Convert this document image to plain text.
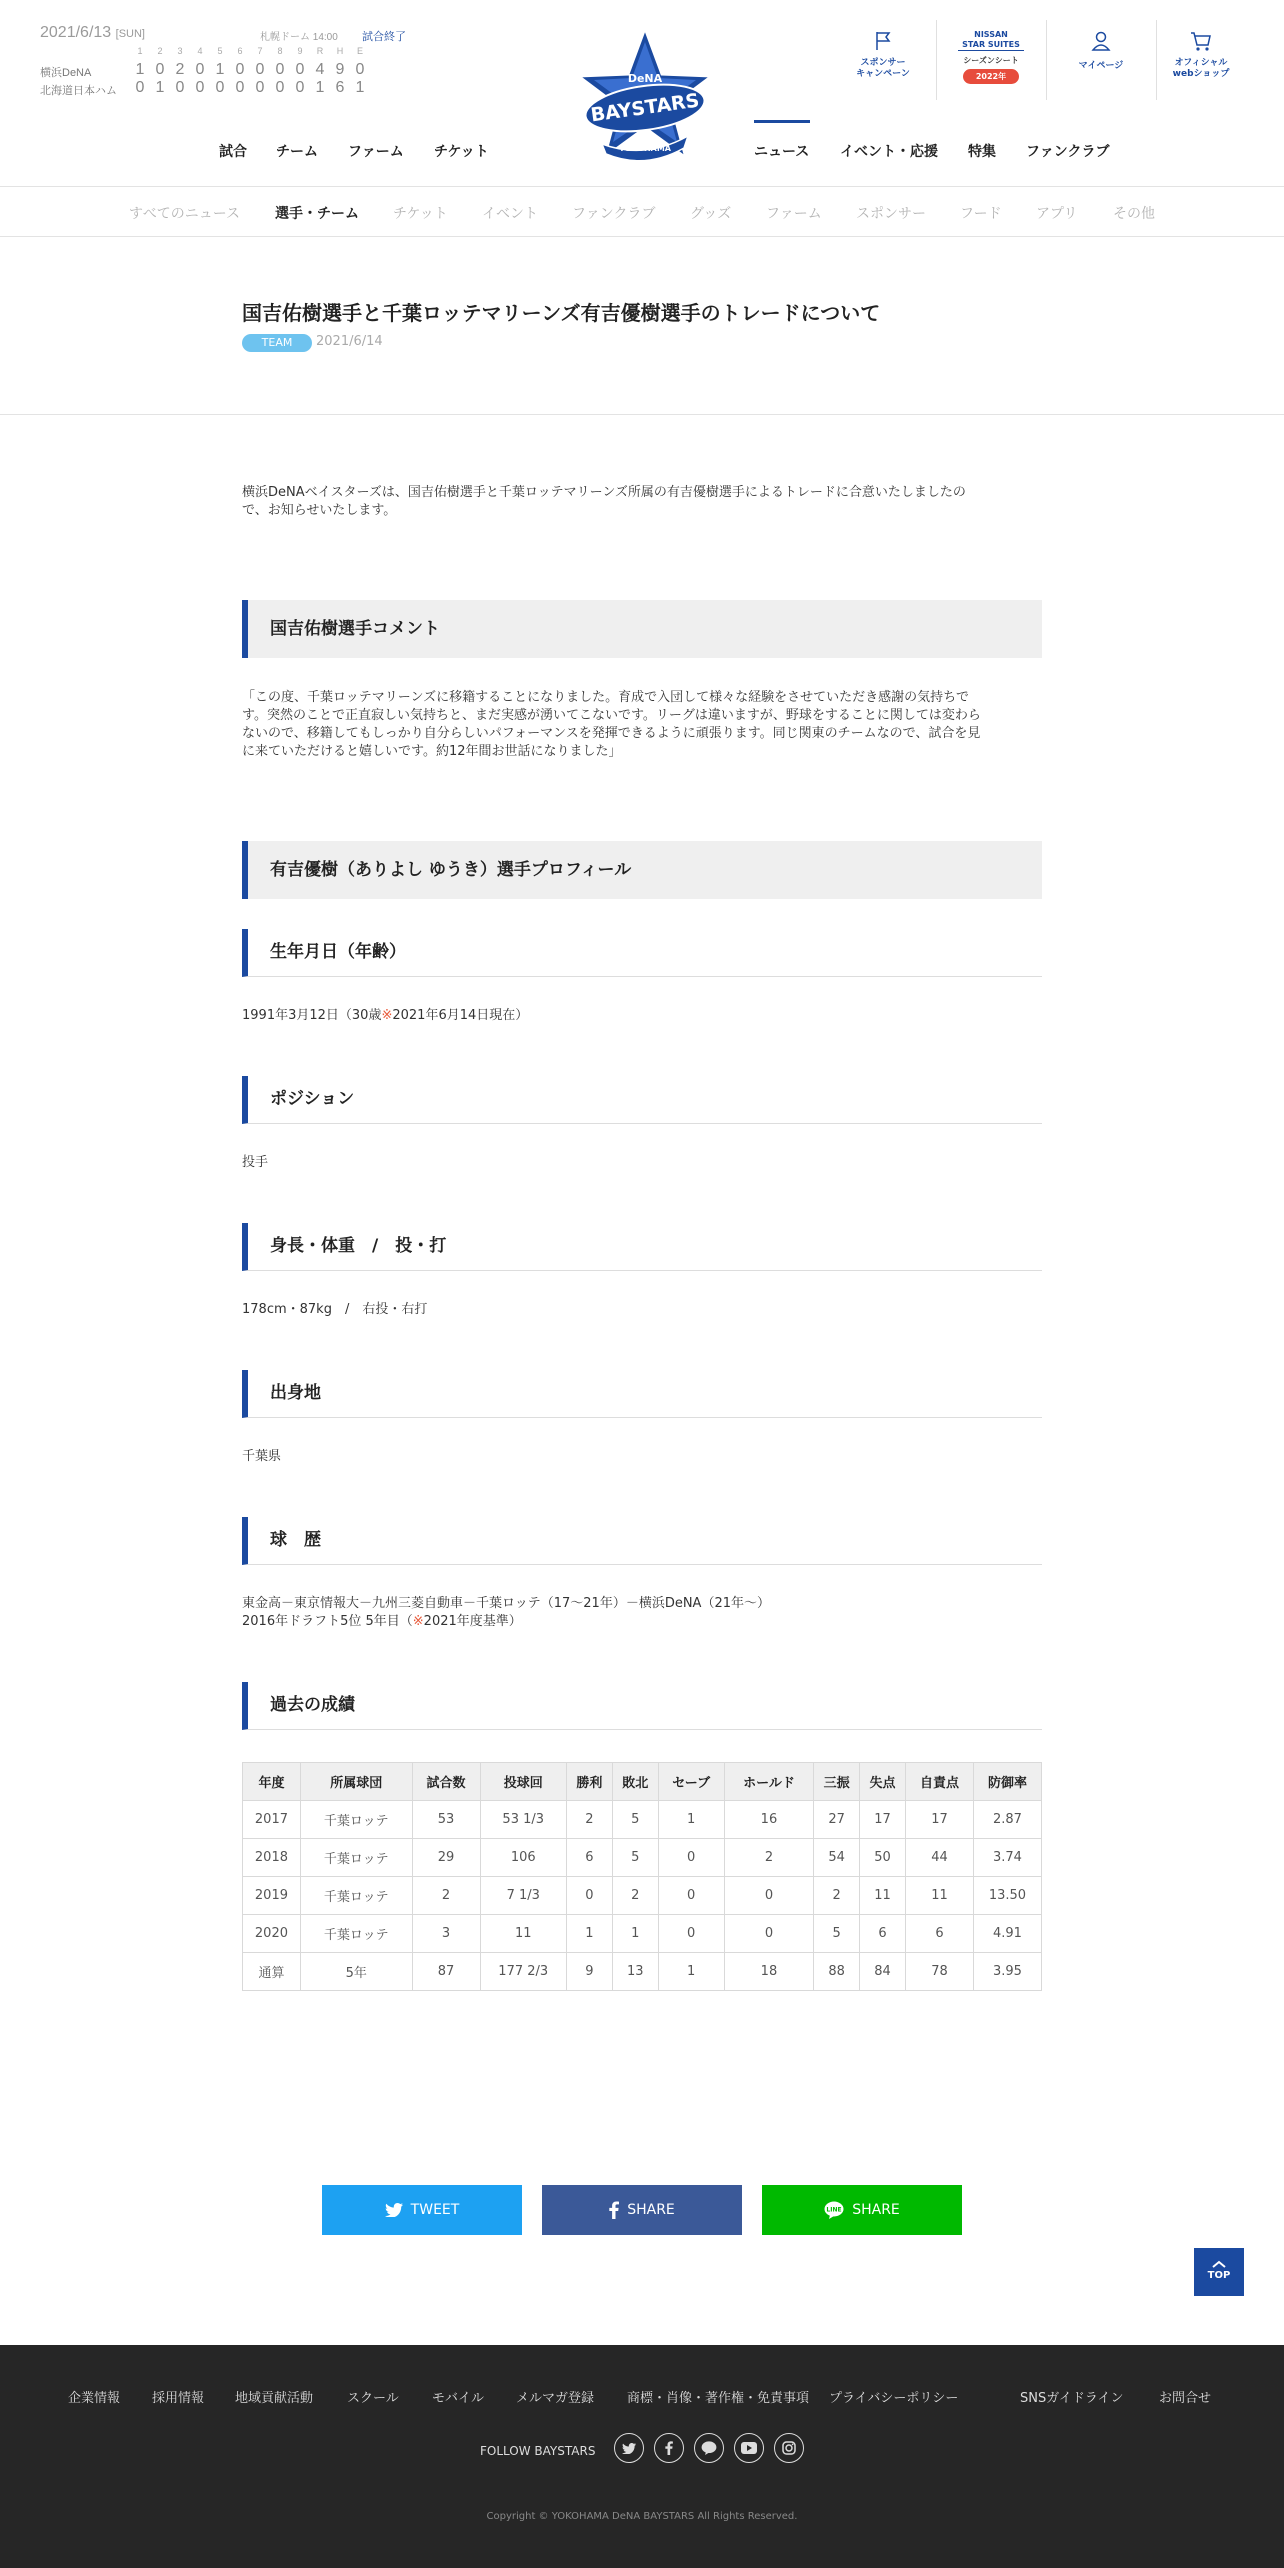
2021/6/13 [SUN]	札幌ドーム 14:00 試合終了
1	2	3	4	5	6	7	8	9	R	H	E
横浜DeNA	1 0 2 0 1 0 0 0 0 4 9 0
北海道日本ハム 0 1 0 0 0 0 0 0 0 1 6 1
DeNA
BAYSTARS
YOKOHAMA
スポンサー
キャンペーン
NISSAN
STAR SUITES
シーズンシート
2022年
マイページ	オフィシャル
webショップ
試合 チーム ファーム チケット	ニュース イベント・応援 特集 ファンクラブ
すべてのニュース 選手・チーム チケット イベント ファンクラブ グッズ ファーム スポンサー フード アプリ	その他
国吉佑樹選手と千葉ロッテマリーンズ有吉優樹選手のトレードについて
TEAM	2021/6/14
横浜DeNAベイスターズは、国吉佑樹選手と千葉ロッテマリーンズ所属の有吉優樹選手によるトレードに合意いたしましたの
で、お知らせいたします。
国吉佑樹選手コメント
「この度、千葉ロッテマリーンズに移籍することになりました。育成で入団して様々な経験をさせていただき感謝の気持ちで
す。突然のことで正直寂しい気持ちと、まだ実感が湧いてこないです。リーグは違いますが、野球をすることに関しては変わら
ないので、移籍してもしっかり自分らしいパフォーマンスを発揮できるように頑張ります。同じ関東のチームなので、試合を見
に来ていただけると嬉しいです。約12年間お世話になりました」
有吉優樹（ありよし ゆうき）選手プロフィール
生年月日（年齢）
1991年3月12日（30歳※2021年6月14日現在）
ポジション
投手
身長・体重　/　投・打
178cm・87kg　/　右投・右打
出身地
千葉県
球　歴
東金高－東京情報大－九州三菱自動車－千葉ロッテ（17～21年）－横浜DeNA（21年～）
2016年ドラフト5位 5年目（※2021年度基準）
過去の成績
年度	所属球団	試合数	投球回	勝利	敗北	セーブ	ホールド	三振	失点	自責点	防御率
2017	千葉ロッテ	53	53 1/3	2	5	1	16	27	17	17	2.87
2018	千葉ロッテ	29	106	6	5	0	2	54	50	44	3.74
2019	千葉ロッテ	2	7 1/3	0	2	0	0	2	11	11	13.50
2020	千葉ロッテ	3	11	1	1	0	0	5	6	6	4.91
通算	5年	87	177 2/3	9	13	1	18	88	84	78	3.95
TWEET	SHARE	LINE SHARE
TOP
企業情報 採用情報 地域貢献活動	スクール	モバイル メルマガ登録	商標・肖像・著作権・免責事項 プライバシーポリシー	SNSガイドライン	お問合せ
FOLLOW BAYSTARS
Copyright © YOKOHAMA DeNA BAYSTARS All Rights Reserved.
